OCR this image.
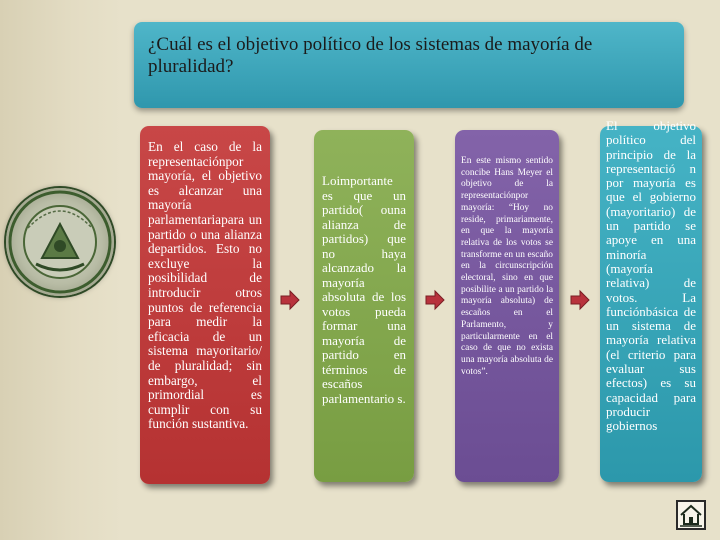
¿Cuál es el objetivo político de los sistemas de mayoría de pluralidad?
En el caso de la representaciónpor mayoría, el objetivo es alcanzar una mayoría parlamentariapara un partido o una alianza departidos. Esto no excluye la posibilidad de introducir otros puntos de referencia para medir la eficacia de un sistema mayoritario/ de pluralidad; sin embargo, el primordial es cumplir con su función sustantiva.
Loimportante es que un partido( ouna alianza de partidos) que no haya alcanzado la mayoría absoluta de los votos pueda formar una mayoría de partido en términos de escaños parlamentario s.
En este mismo sentido concibe Hans Meyer el objetivo de la representaciónpor mayoría: “Hoy no reside, primariamente, en que la mayoría relativa de los votos se transforme en un escaño en la circunscripción electoral, sino en que posibilite a un partido la mayoría absoluta) de escaños en el Parlamento, y particularmente en el caso de que no exista una mayoría absoluta de votos”.
El objetivo político del principio de la representació n por mayoría es que el gobierno (mayoritario) de un partido se apoye en una minoría (mayoría relativa) de votos. La funciónbásica de un sistema de mayoría relativa (el criterio para evaluar sus efectos) es su capacidad para producir gobiernos
